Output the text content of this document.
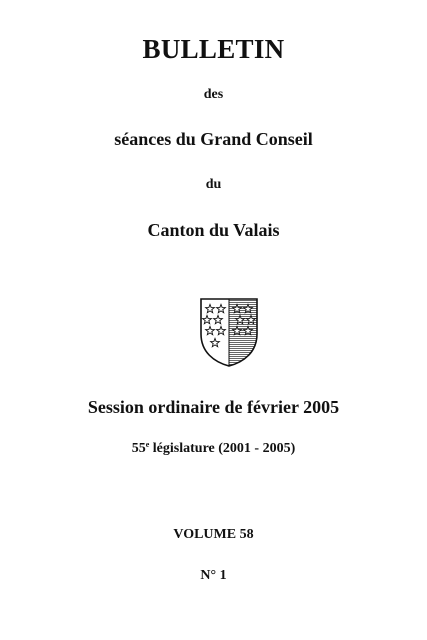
BULLETIN
des
séances du Grand Conseil
du
Canton du Valais
Session ordinaire de février 2005
55e législature (2001 - 2005)
VOLUME 58
N° 1
